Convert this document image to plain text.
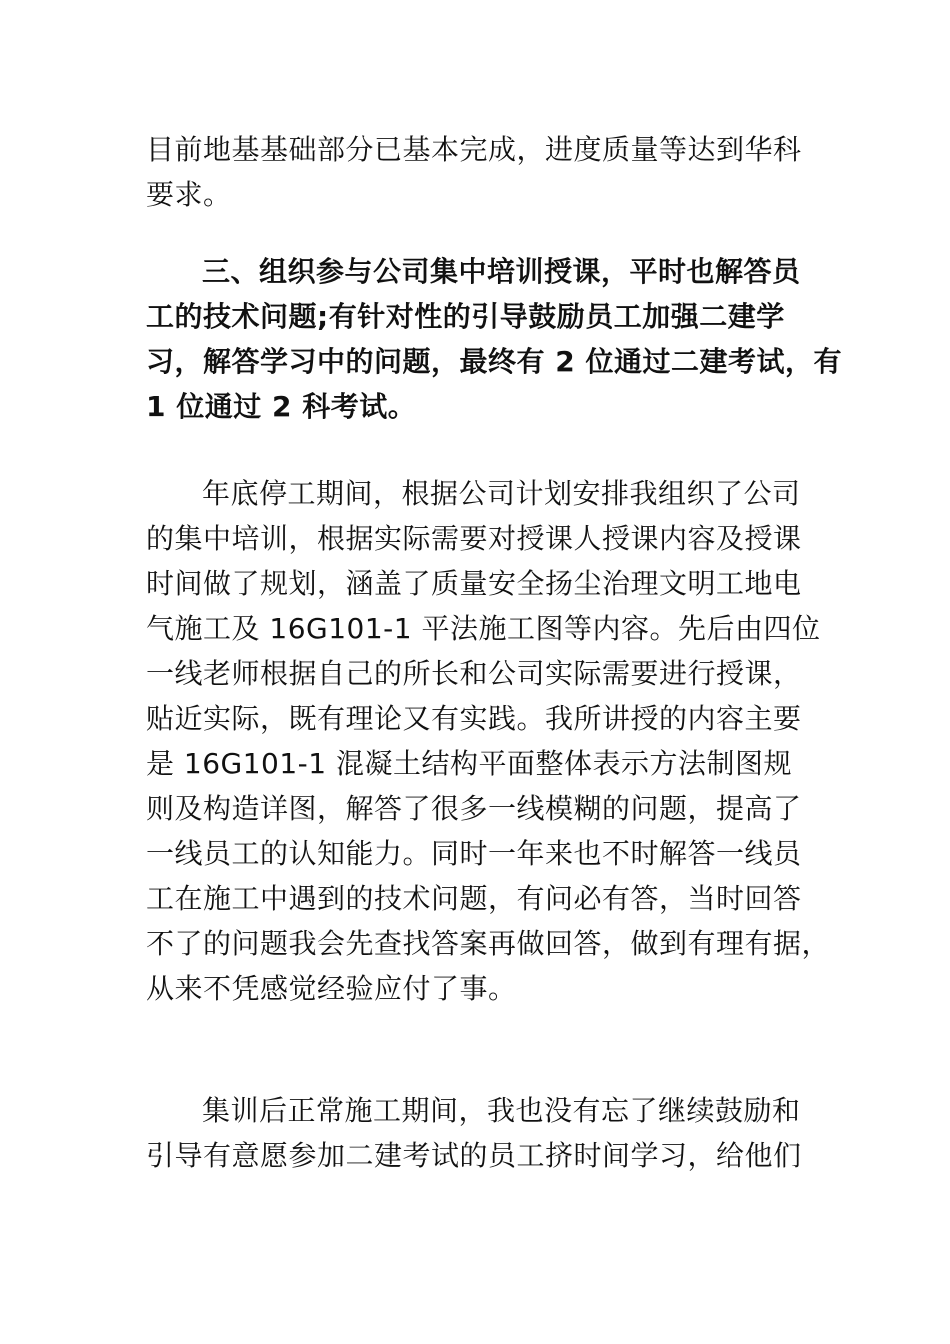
目前地基基础部分已基本完成，进度质量等达到华科
要求。
三、组织参与公司集中培训授课，平时也解答员
工的技术问题;有针对性的引导鼓励员工加强二建学
习，解答学习中的问题，最终有 2 位通过二建考试，有
1 位通过 2 科考试。
年底停工期间，根据公司计划安排我组织了公司
的集中培训，根据实际需要对授课人授课内容及授课
时间做了规划，涵盖了质量安全扬尘治理文明工地电
气施工及 16G101-1 平法施工图等内容。先后由四位
一线老师根据自己的所长和公司实际需要进行授课，
贴近实际，既有理论又有实践。我所讲授的内容主要
是 16G101-1 混凝土结构平面整体表示方法制图规
则及构造详图，解答了很多一线模糊的问题，提高了
一线员工的认知能力。同时一年来也不时解答一线员
工在施工中遇到的技术问题，有问必有答，当时回答
不了的问题我会先查找答案再做回答，做到有理有据，
从来不凭感觉经验应付了事。
集训后正常施工期间，我也没有忘了继续鼓励和
引导有意愿参加二建考试的员工挤时间学习，给他们
